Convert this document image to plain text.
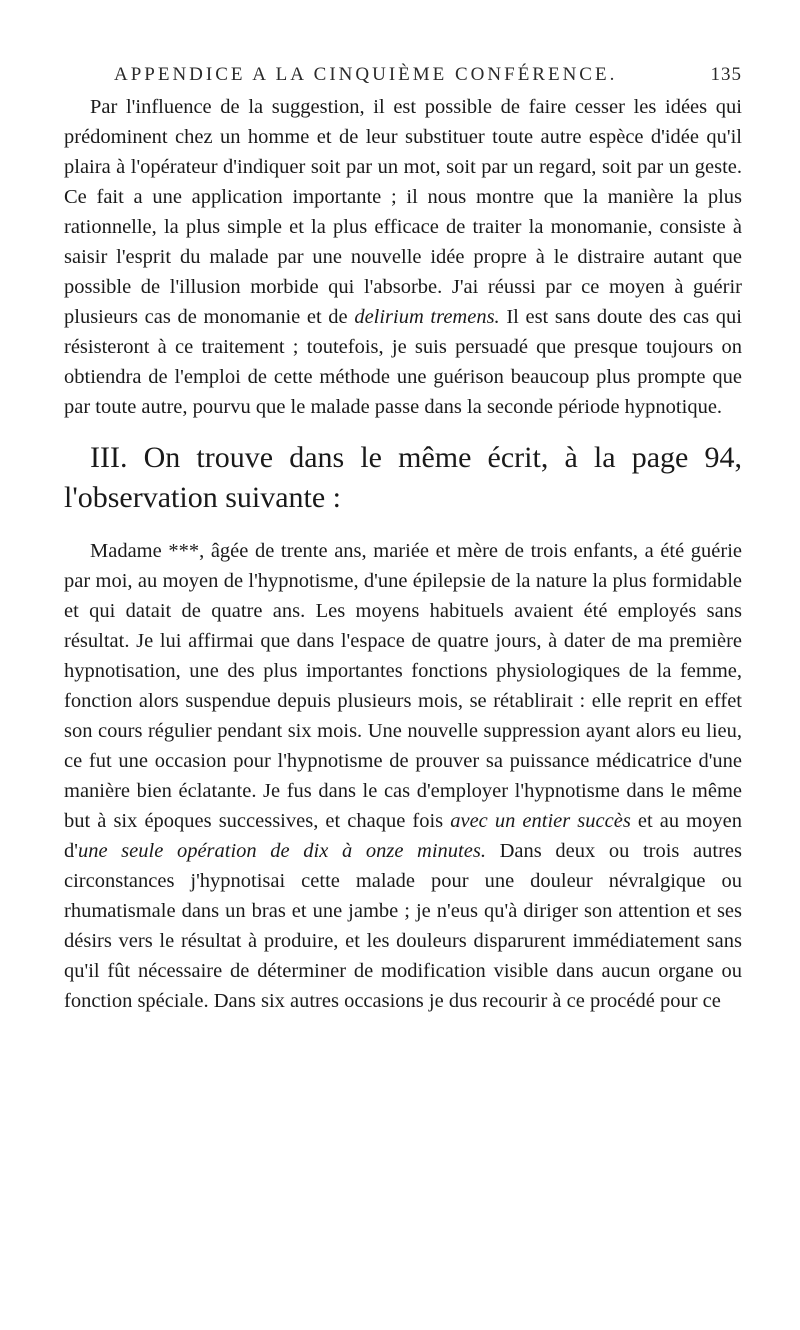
APPENDICE A LA CINQUIÈME CONFÉRENCE.	135

Par l'influence de la suggestion, il est possible de faire cesser les idées qui prédominent chez un homme et de leur substituer toute autre espèce d'idée qu'il plaira à l'opérateur d'indiquer soit par un mot, soit par un regard, soit par un geste. Ce fait a une application importante ; il nous montre que la manière la plus rationnelle, la plus simple et la plus efficace de traiter la monomanie, consiste à saisir l'esprit du malade par une nouvelle idée propre à le distraire autant que possible de l'illusion morbide qui l'absorbe. J'ai réussi par ce moyen à guérir plusieurs cas de monomanie et de delirium tremens. Il est sans doute des cas qui résisteront à ce traitement ; toutefois, je suis persuadé que presque toujours on obtiendra de l'emploi de cette méthode une guérison beaucoup plus prompte que par toute autre, pourvu que le malade passe dans la seconde période hypnotique.

III. On trouve dans le même écrit, à la page 94, l'observation suivante :

Madame ***, âgée de trente ans, mariée et mère de trois enfants, a été guérie par moi, au moyen de l'hypnotisme, d'une épilepsie de la nature la plus formidable et qui datait de quatre ans. Les moyens habituels avaient été employés sans résultat. Je lui affirmai que dans l'espace de quatre jours, à dater de ma première hypnotisation, une des plus importantes fonctions physiologiques de la femme, fonction alors suspendue depuis plusieurs mois, se rétablirait : elle reprit en effet son cours régulier pendant six mois. Une nouvelle suppression ayant alors eu lieu, ce fut une occasion pour l'hypnotisme de prouver sa puissance médicatrice d'une manière bien éclatante. Je fus dans le cas d'employer l'hypnotisme dans le même but à six époques successives, et chaque fois avec un entier succès et au moyen d'une seule opération de dix à onze minutes. Dans deux ou trois autres circonstances j'hypnotisai cette malade pour une douleur névralgique ou rhumatismale dans un bras et une jambe ; je n'eus qu'à diriger son attention et ses désirs vers le résultat à produire, et les douleurs disparurent immédiatement sans qu'il fût nécessaire de déterminer de modification visible dans aucun organe ou fonction spéciale. Dans six autres occasions je dus recourir à ce procédé pour ce
